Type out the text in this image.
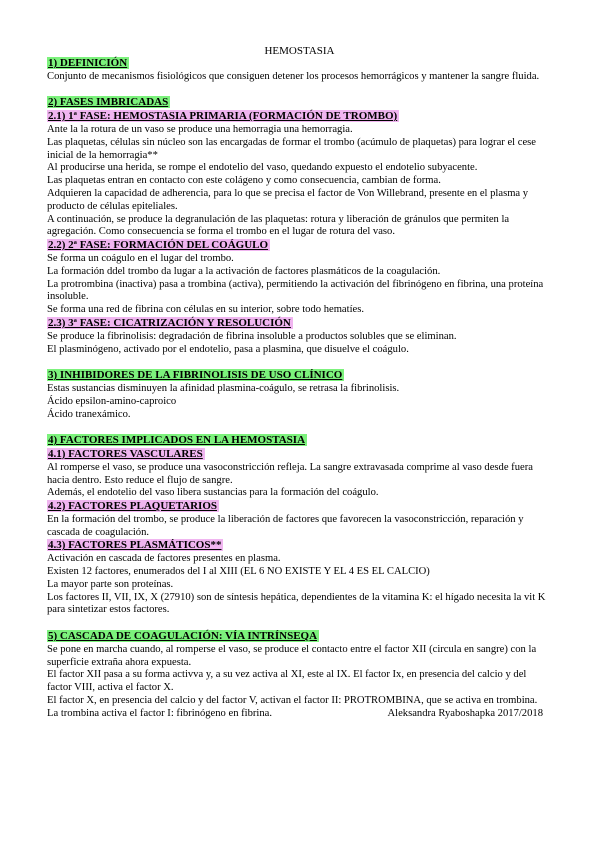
HEMOSTASIA
1) DEFINICIÓN

Conjunto de mecanismos fisiológicos que consiguen detener los procesos hemorrágicos y mantener la sangre fluida.

2) FASES IMBRICADAS
2.1) 1ª FASE: HEMOSTASIA PRIMARIA (FORMACIÓN DE TROMBO)

Ante la la rotura de un vaso se produce una hemorragia una hemorragia.

Las plaquetas, células sin núcleo son las encargadas de formar el trombo (acúmulo de plaquetas) para lograr el cese inicial de la hemorragia**

Al producirse una herida, se rompe el endotelio del vaso, quedando expuesto el endotelio subyacente.

Las plaquetas entran en contacto con este colágeno y como consecuencia, cambian de forma.

Adquieren la capacidad de adherencia, para lo que se precisa el factor de Von Willebrand, presente en el plasma y producto de células epiteliales.

A continuación, se produce la degranulación de las plaquetas: rotura y liberación de gránulos que permiten la agregación. Como consecuencia se forma el trombo en el lugar de rotura del vaso.

2.2) 2ª FASE: FORMACIÓN DEL COÁGULO

Se forma un coágulo en el lugar del trombo.

La formación ddel trombo da lugar a la activación de factores plasmáticos de la coagulación.

La protrombina (inactiva) pasa a trombina (activa), permitiendo la activación del fibrinógeno en fibrina, una proteína insoluble.

Se forma una red de fibrina con células en su interior, sobre todo hematíes.

2.3) 3ª FASE: CICATRIZACIÓN Y RESOLUCIÓN

Se produce la fibrinolisis: degradación de fibrina insoluble a productos solubles que se eliminan.

El plasminógeno, activado por el endotelio, pasa a plasmina, que disuelve el coágulo.

3) INHIBIDORES DE LA FIBRINOLISIS DE USO CLÍNICO

Estas sustancias disminuyen la afinidad plasmina-coágulo, se retrasa la fibrinolisis.

Ácido epsilon-amino-caproico

Ácido tranexámico.

4) FACTORES IMPLICADOS EN LA HEMOSTASIA
4.1) FACTORES VASCULARES

Al romperse el vaso, se produce una vasoconstricción refleja. La sangre extravasada comprime al vaso desde fuera hacia dentro. Esto reduce el flujo de sangre.

Además, el endotelio del vaso libera sustancias para la formación del coágulo.

4.2) FACTORES PLAQUETARIOS

En la formación del trombo, se produce la liberación de factores que favorecen la vasoconstricción, reparación y cascada de coagulación.

4.3) FACTORES PLASMÁTICOS**

Activación en cascada de factores presentes en plasma.

Existen 12 factores, enumerados del I al XIII (EL 6 NO EXISTE Y EL 4 ES EL CALCIO)

La mayor parte son proteínas.

Los factores II, VII, IX, X (27910) son de síntesis hepática, dependientes de la vitamina K: el hígado necesita la vit K para sintetizar estos factores.

5) CASCADA DE COAGULACIÓN: VÍA INTRÍNSEQA

Se pone en marcha cuando, al romperse el vaso, se produce el contacto entre el factor XII (circula en sangre) con la superficie extraña ahora expuesta.

El factor XII pasa a su forma activva y, a su vez activa al XI, este al IX. El factor Ix, en presencia del calcio y del factor VIII, activa el factor X.

El factor X, en presencia del calcio y del factor V, activan el factor II: PROTROMBINA, que se activa en trombina.

La trombina activa el factor I: fibrinógeno en fibrina.	Aleksandra Ryaboshapka 2017/2018
